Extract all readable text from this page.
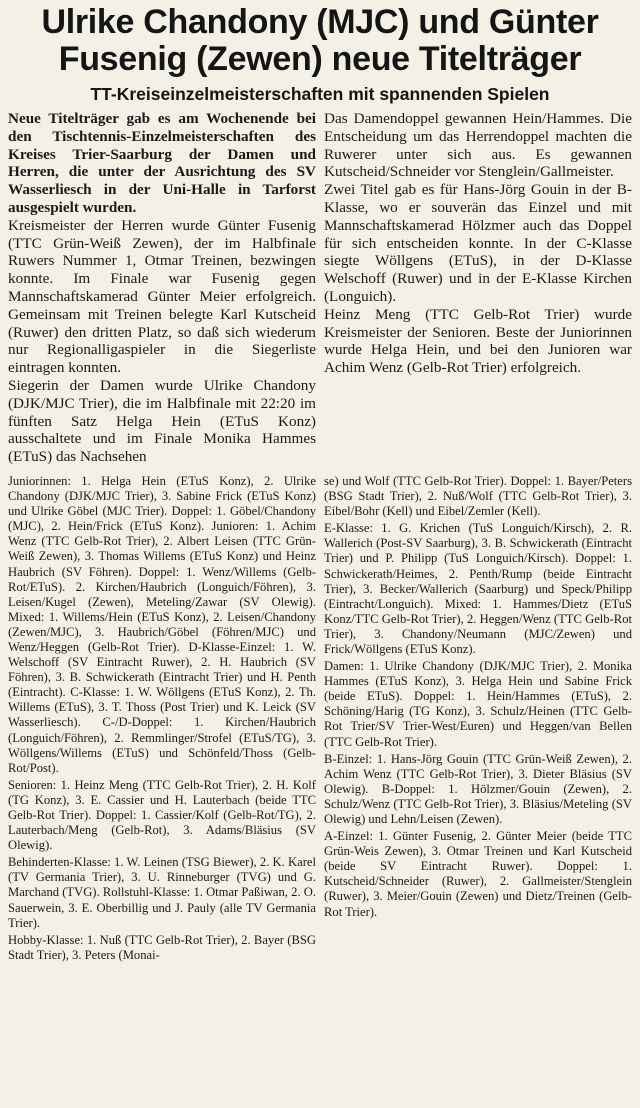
Ulrike Chandony (MJC) und Günter
Fusenig (Zewen) neue Titelträger
TT-Kreiseinzelmeisterschaften mit spannenden Spielen

Neue Titelträger gab es am Wochenende bei den Tischtennis-Einzelmeisterschaften des Kreises Trier-Saarburg der Damen und Herren, die unter der Ausrichtung des SV Wasserliesch in der Uni-Halle in Tarforst ausgespielt wurden.

Kreismeister der Herren wurde Günter Fusenig (TTC Grün-Weiß Zewen), der im Halbfinale Ruwers Nummer 1, Otmar Treinen, bezwingen konnte. Im Finale war Fusenig gegen Mannschaftskamerad Günter Meier erfolgreich. Gemeinsam mit Treinen belegte Karl Kutscheid (Ruwer) den dritten Platz, so daß sich wiederum nur Regionalligaspieler in die Siegerliste eintragen konnten.

Siegerin der Damen wurde Ulrike Chandony (DJK/MJC Trier), die im Halbfinale mit 22:20 im fünften Satz Helga Hein (ETuS Konz) ausschaltete und im Finale Monika Hammes (ETuS) das Nachsehen

Das Damendoppel gewannen Hein/Hammes. Die Entscheidung um das Herrendoppel machten die Ruwerer unter sich aus. Es gewannen Kutscheid/Schneider vor Stenglein/Gallmeister.

Zwei Titel gab es für Hans-Jörg Gouin in der B-Klasse, wo er souverän das Einzel und mit Mannschaftskamerad Hölzmer auch das Doppel für sich entscheiden konnte. In der C-Klasse siegte Wöllgens (ETuS), in der D-Klasse Welschoff (Ruwer) und in der E-Klasse Kirchen (Longuich).

Heinz Meng (TTC Gelb-Rot Trier) wurde Kreismeister der Senioren. Beste der Juniorinnen wurde Helga Hein, und bei den Junioren war Achim Wenz (Gelb-Rot Trier) erfolgreich.

Juniorinnen: 1. Helga Hein (ETuS Konz), 2. Ulrike Chandony (DJK/MJC Trier), 3. Sabine Frick (ETuS Konz) und Ulrike Göbel (MJC Trier). Doppel: 1. Göbel/Chandony (MJC), 2. Hein/Frick (ETuS Konz). Junioren: 1. Achim Wenz (TTC Gelb-Rot Trier), 2. Albert Leisen (TTC Grün-Weiß Zewen), 3. Thomas Willems (ETuS Konz) und Heinz Haubrich (SV Föhren). Doppel: 1. Wenz/Willems (Gelb-Rot/ETuS). 2. Kirchen/Haubrich (Longuich/Föhren), 3. Leisen/Kugel (Zewen), Meteling/Zawar (SV Olewig). Mixed: 1. Willems/Hein (ETuS Konz), 2. Leisen/Chandony (Zewen/MJC), 3. Haubrich/Göbel (Föhren/MJC) und Wenz/Heggen (Gelb-Rot Trier). D-Klasse-Einzel: 1. W. Welschoff (SV Eintracht Ruwer), 2. H. Haubrich (SV Föhren), 3. B. Schwickerath (Eintracht Trier) und H. Penth (Eintracht). C-Klasse: 1. W. Wöllgens (ETuS Konz), 2. Th. Willems (ETuS), 3. T. Thoss (Post Trier) und K. Leick (SV Wasserliesch). C-/D-Doppel: 1. Kirchen/Haubrich (Longuich/Föhren), 2. Remmlinger/Strofel (ETuS/TG), 3. Wöllgens/Willems (ETuS) und Schönfeld/Thoss (Gelb-Rot/Post).

Senioren: 1. Heinz Meng (TTC Gelb-Rot Trier), 2. H. Kolf (TG Konz), 3. E. Cassier und H. Lauterbach (beide TTC Gelb-Rot Trier). Doppel: 1. Cassier/Kolf (Gelb-Rot/TG), 2. Lauterbach/Meng (Gelb-Rot), 3. Adams/Bläsius (SV Olewig).

Behinderten-Klasse: 1. W. Leinen (TSG Biewer), 2. K. Karel (TV Germania Trier), 3. U. Rinneburger (TVG) und G. Marchand (TVG). Rollstuhl-Klasse: 1. Otmar Paßiwan, 2. O. Sauerwein, 3. E. Oberbillig und J. Pauly (alle TV Germania Trier).

Hobby-Klasse: 1. Nuß (TTC Gelb-Rot Trier), 2. Bayer (BSG Stadt Trier), 3. Peters (Monai-

se) und Wolf (TTC Gelb-Rot Trier). Doppel: 1. Bayer/Peters (BSG Stadt Trier), 2. Nuß/Wolf (TTC Gelb-Rot Trier), 3. Eibel/Bohr (Kell) und Eibel/Zemler (Kell).

E-Klasse: 1. G. Krichen (TuS Longuich/Kirsch), 2. R. Wallerich (Post-SV Saarburg), 3. B. Schwickerath (Eintracht Trier) und P. Philipp (TuS Longuich/Kirsch). Doppel: 1. Schwickerath/Heimes, 2. Penth/Rump (beide Eintracht Trier), 3. Becker/Wallerich (Saarburg) und Speck/Philipp (Eintracht/Longuich). Mixed: 1. Hammes/Dietz (ETuS Konz/TTC Gelb-Rot Trier), 2. Heggen/Wenz (TTC Gelb-Rot Trier), 3. Chandony/Neumann (MJC/Zewen) und Frick/Wöllgens (ETuS Konz).

Damen: 1. Ulrike Chandony (DJK/MJC Trier), 2. Monika Hammes (ETuS Konz), 3. Helga Hein und Sabine Frick (beide ETuS). Doppel: 1. Hein/Hammes (ETuS), 2. Schöning/Harig (TG Konz), 3. Schulz/Heinen (TTC Gelb-Rot Trier/SV Trier-West/Euren) und Heggen/van Bellen (TTC Gelb-Rot Trier).

B-Einzel: 1. Hans-Jörg Gouin (TTC Grün-Weiß Zewen), 2. Achim Wenz (TTC Gelb-Rot Trier), 3. Dieter Bläsius (SV Olewig). B-Doppel: 1. Hölzmer/Gouin (Zewen), 2. Schulz/Wenz (TTC Gelb-Rot Trier), 3. Bläsius/Meteling (SV Olewig) und Lehn/Leisen (Zewen).

A-Einzel: 1. Günter Fusenig, 2. Günter Meier (beide TTC Grün-Weis Zewen), 3. Otmar Treinen und Karl Kutscheid (beide SV Eintracht Ruwer). Doppel: 1. Kutscheid/Schneider (Ruwer), 2. Gallmeister/Stenglein (Ruwer), 3. Meier/Gouin (Zewen) und Dietz/Treinen (Gelb-Rot Trier).
